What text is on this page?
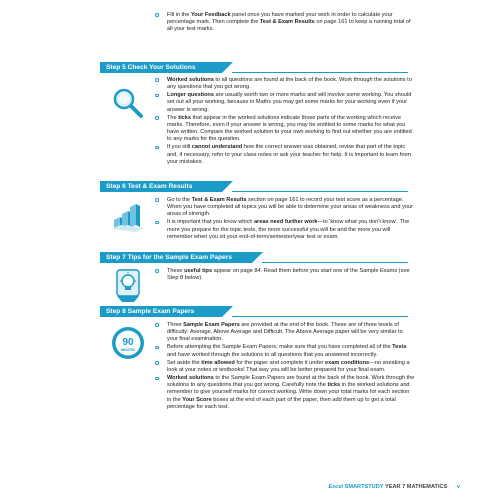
Fill in the Your Feedback panel once you have marked your work in order to calculate your percentage mark. Then complete the Test & Exam Results on page 161 to keep a running total of all your test marks.
Step 5 Check Your Solutions
Worked solutions to all questions are found at the back of the book. Work through the solutions to any questions that you got wrong.
Longer questions are usually worth two or more marks and will involve some working. You should set out all your working, because in Maths you may get some marks for your working even if your answer is wrong.
The ticks that appear in the worked solutions indicate those parts of the working which receive marks. Therefore, even if your answer is wrong, you may be entitled to some marks for what you have written. Compare the worked solution to your own working to find out whether you are entitled to any marks for the question.
If you still cannot understand how the correct answer was obtained, revise that part of the topic and, if necessary, refer to your class notes or ask your teacher for help. It is important to learn from your mistakes.
Step 6 Test & Exam Results
Go to the Test & Exam Results section on page 161 to record your test score as a percentage. When you have completed all topics you will be able to determine your areas of weakness and your areas of strength.
It is important that you know which areas need further work—to 'know what you don't know'. The more you prepare for the topic tests, the more successful you will be and the more you will remember when you sit your end-of-term/semester/year test or exam.
Step 7 Tips for the Sample Exam Papers
These useful tips appear on page 84. Read them before you start one of the Sample Exams (see Step 8 below).
Step 8 Sample Exam Papers
90
MINUTES
Three Sample Exam Papers are provided at the end of the book. These are of three levels of difficulty: Average, Above Average and Difficult. The Above Average paper will be very similar to your final examination.
Before attempting the Sample Exam Papers, make sure that you have completed all of the Tests and have worked through the solutions to all questions that you answered incorrectly.
Set aside the time allowed for the paper and complete it under exam conditions—no sneaking a look at your notes or textbooks! That way you will be better prepared for your final exam.
Worked solutions to the Sample Exam Papers are found at the back of the book. Work through the solutions to any questions that you got wrong. Carefully note the ticks in the worked solutions and remember to give yourself marks for correct working. Write down your total marks for each section in the Your Score boxes at the end of each part of the paper, then add them up to get a total percentage for each test.
Excel SMARTSTUDY YEAR 7 MATHEMATICS v
